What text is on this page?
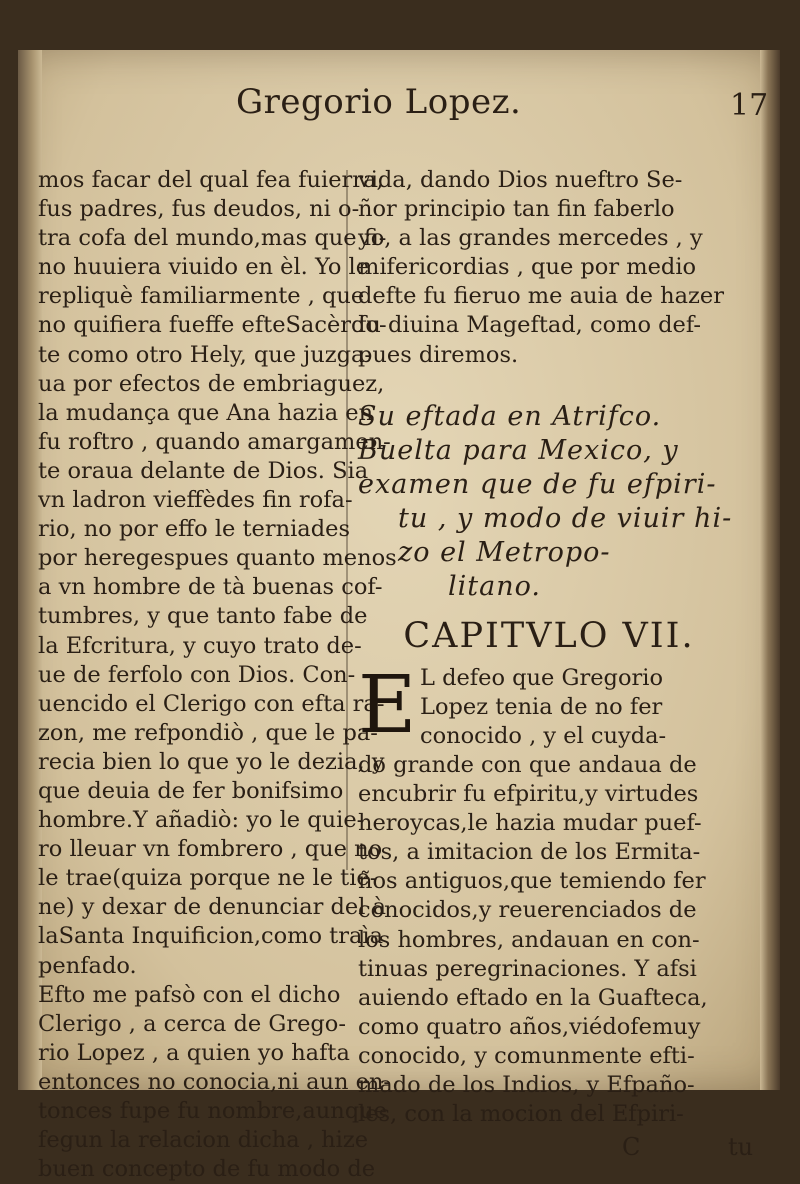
Gregorio Lopez.	17
mos facar del qual fea fuierra,
fus padres, fus deudos, ni o-
tra cofa del mundo,mas que fi-
no huuiera viuido en èl. Yo le
repliquè familiarmente , que
no quifiera fueffe efteSacèrdo-
te como otro Hely, que juzga-
ua por efectos de embriaguez,
la mudança que Ana hazia en
fu roftro , quando amargamen-
te oraua delante de Dios. Sia
vn ladron vieffèdes fin rofa-
rio, no por effo le terniades
por heregespues quanto menos
a vn hombre de tà buenas cof-
tumbres, y que tanto fabe de
la Efcritura, y cuyo trato de-
ue de ferfolo con Dios. Con-
uencido el Clerigo con efta ra-
zon, me refpondiò , que le pa-
recia bien lo que yo le dezia, y
que deuia de fer bonifsimo
hombre.Y añadiò: yo le quie-
ro lleuar vn fombrero , que no
le trae(quiza porque ne le tie-
ne) y dexar de denunciar del à
laSanta Inquificion,como traìa
penfado.
Efto me pafsò con el dicho
Clerigo , a cerca de Grego-
rio Lopez , a quien yo hafta
entonces no conocia,ni aun en-
tonces fupe fu nombre,aunque
fegun la relacion dicha , hize
buen concepto de fu modo de
vida, dando Dios nueftro Se-
ñor principio tan fin faberlo
yo, a las grandes mercedes , y
mifericordias , que por medio
defte fu fieruo me auia de hazer
fu diuina Mageftad, como def-
pues diremos.
Su eftada en Atrifco.
Buelta para Mexico, y
examen que de fu efpiri-
tu , y modo de viuir hi-
zo el Metropo-
litano.
CAPITVLO VII.
E L defeo que Gregorio
Lopez tenia de no fer
conocido , y el cuyda-
do grande con que andaua de
encubrir fu efpiritu,y virtudes
heroycas,le hazia mudar puef-
tos, a imitacion de los Ermita-
ños antiguos,que temiendo fer
conocidos,y reuerenciados de
los hombres, andauan en con-
tinuas peregrinaciones. Y afsi
auiendo eftado en la Guafteca,
como quatro años,viédofemuy
conocido, y comunmente efti-
mado de los Indios, y Efpaño-
les, con la mocion del Efpiri-
C	tu
